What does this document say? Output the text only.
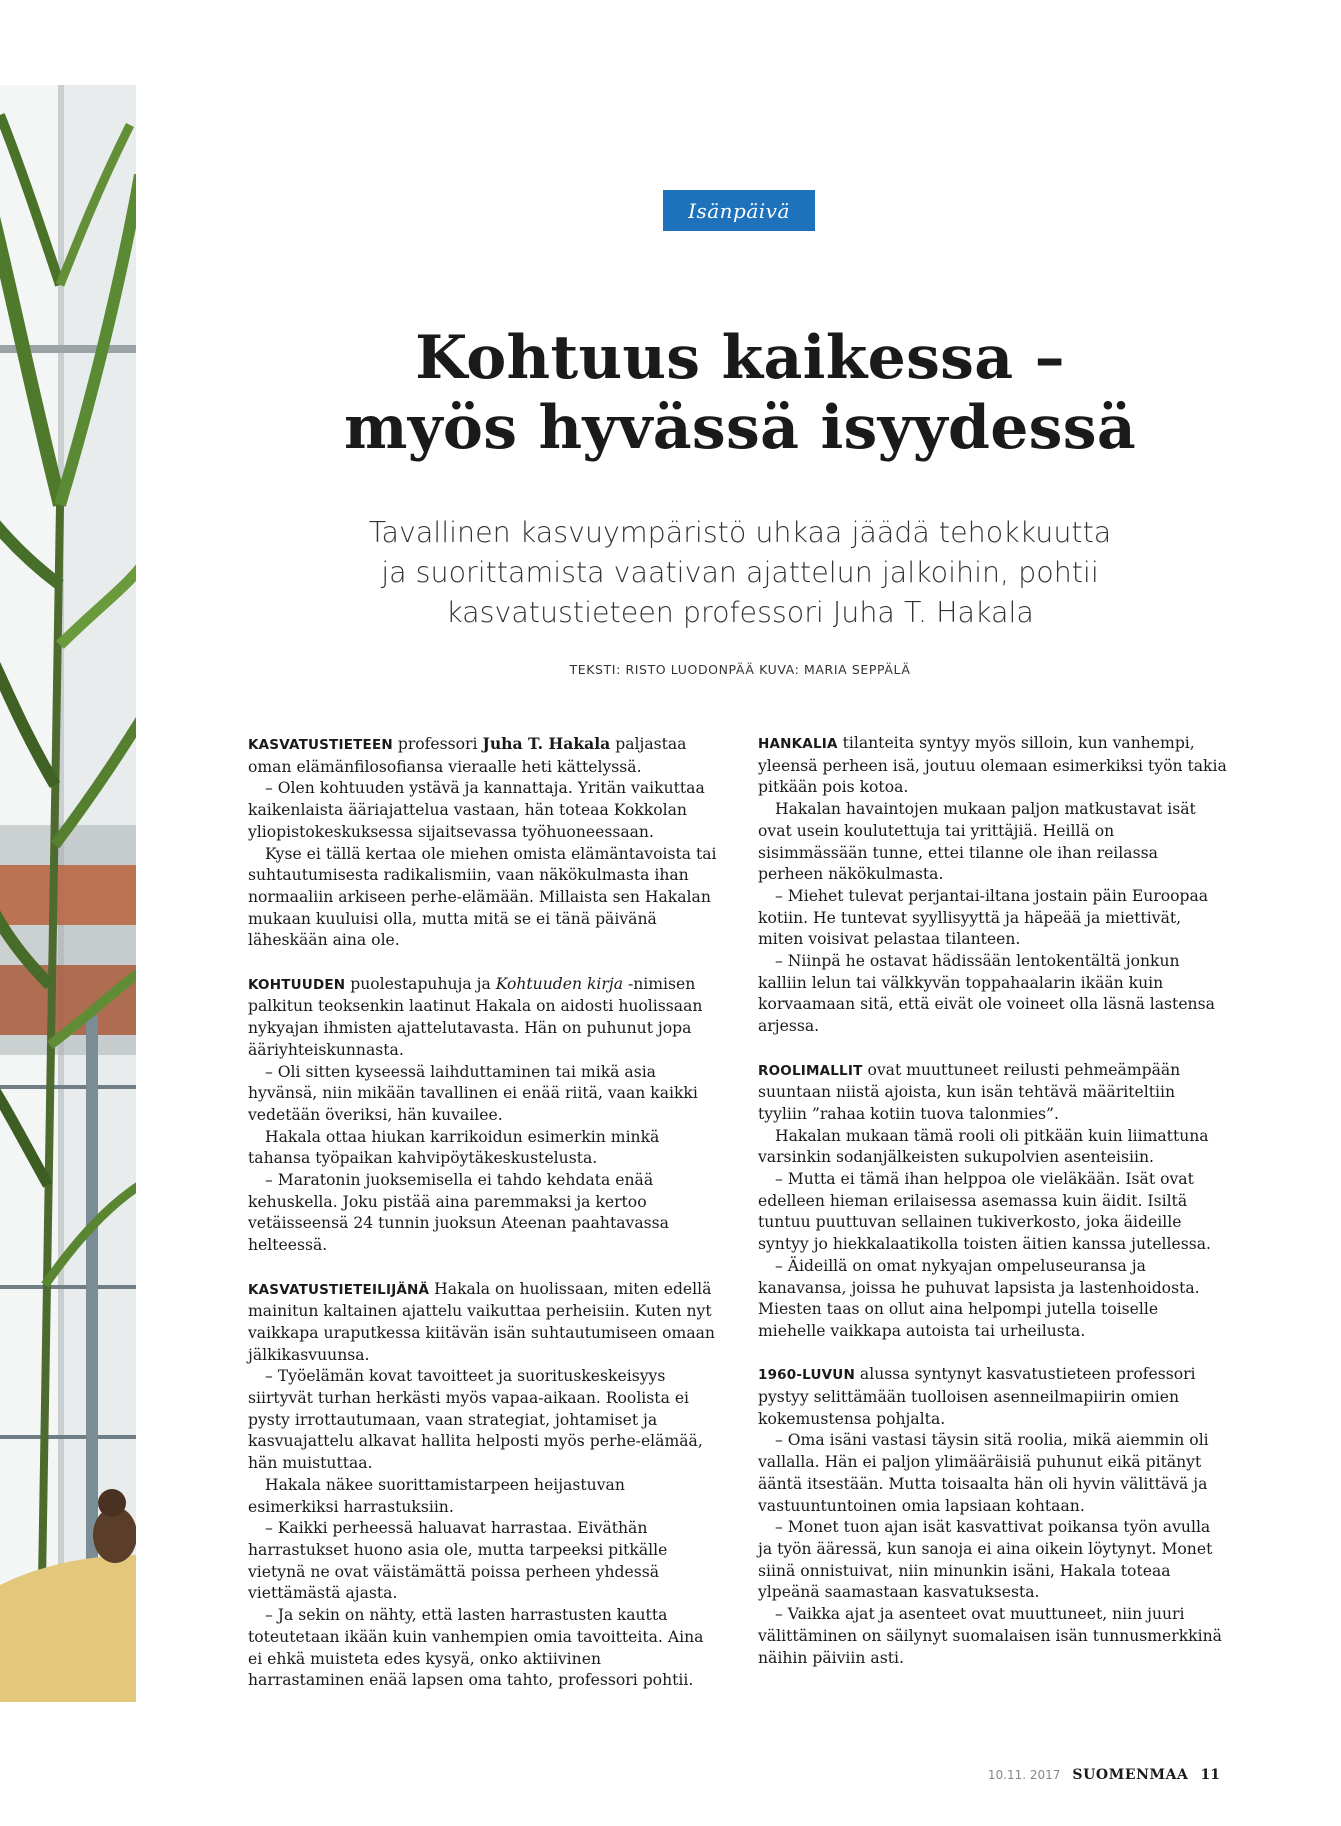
Isänpäivä
Kohtuus kaikessa –
myös hyvässä isyydessä

Tavallinen kasvuympäristö uhkaa jäädä tehokkuutta
ja suorittamista vaativan ajattelun jalkoihin, pohtii
kasvatustieteen professori Juha T. Hakala

TEKSTI: RISTO LUODONPÄÄ KUVA: MARIA SEPPÄLÄ

KASVATUSTIETEEN professori Juha T. Hakala paljastaa oman elämänfilosofiansa vieraalle heti kättelyssä.

– Olen kohtuuden ystävä ja kannattaja. Yritän vaikuttaa kaikenlaista ääriajattelua vastaan, hän toteaa Kokkolan yliopistokeskuksessa sijaitsevassa työhuoneessaan.

Kyse ei tällä kertaa ole miehen omista elämäntavoista tai suhtautumisesta radikalismiin, vaan näkökulmasta ihan normaaliin arkiseen perhe-elämään. Millaista sen Hakalan mukaan kuuluisi olla, mutta mitä se ei tänä päivänä läheskään aina ole.

KOHTUUDEN puolestapuhuja ja Kohtuuden kirja -nimisen palkitun teoksenkin laatinut Hakala on aidosti huolissaan nykyajan ihmisten ajattelutavasta. Hän on puhunut jopa ääriyhteiskunnasta.

– Oli sitten kyseessä laihduttaminen tai mikä asia hyvänsä, niin mikään tavallinen ei enää riitä, vaan kaikki vedetään överiksi, hän kuvailee.

Hakala ottaa hiukan karrikoidun esimerkin minkä tahansa työpaikan kahvipöytäkeskustelusta.

– Maratonin juoksemisella ei tahdo kehdata enää kehuskella. Joku pistää aina paremmaksi ja kertoo vetäisseensä 24 tunnin juoksun Ateenan paahtavassa helteessä.

KASVATUSTIETEILIJÄNÄ Hakala on huolissaan, miten edellä mainitun kaltainen ajattelu vaikuttaa perheisiin. Kuten nyt vaikkapa uraputkessa kiitävän isän suhtautumiseen omaan jälkikasvuunsa.

– Työelämän kovat tavoitteet ja suorituskeskeisyys siirtyvät turhan herkästi myös vapaa-aikaan. Roolista ei pysty irrottautumaan, vaan strategiat, johtamiset ja kasvuajattelu alkavat hallita helposti myös perhe-elämää, hän muistuttaa.

Hakala näkee suorittamistarpeen heijastuvan esimerkiksi harrastuksiin.

– Kaikki perheessä haluavat harrastaa. Eiväthän harrastukset huono asia ole, mutta tarpeeksi pitkälle vietynä ne ovat väistämättä poissa perheen yhdessä viettämästä ajasta.

– Ja sekin on nähty, että lasten harrastusten kautta toteutetaan ikään kuin vanhempien omia tavoitteita. Aina ei ehkä muisteta edes kysyä, onko aktiivinen harrastaminen enää lapsen oma tahto, professori pohtii.

HANKALIA tilanteita syntyy myös silloin, kun vanhempi, yleensä perheen isä, joutuu olemaan esimerkiksi työn takia pitkään pois kotoa.

Hakalan havaintojen mukaan paljon matkustavat isät ovat usein koulutettuja tai yrittäjiä. Heillä on sisimmässään tunne, ettei tilanne ole ihan reilassa perheen näkökulmasta.

– Miehet tulevat perjantai-iltana jostain päin Euroopaa kotiin. He tuntevat syyllisyyttä ja häpeää ja miettivät, miten voisivat pelastaa tilanteen.

– Niinpä he ostavat hädissään lentokentältä jonkun kalliin lelun tai välkkyvän toppahaalarin ikään kuin korvaamaan sitä, että eivät ole voineet olla läsnä lastensa arjessa.

ROOLIMALLIT ovat muuttuneet reilusti pehmeämpään suuntaan niistä ajoista, kun isän tehtävä määriteltiin tyyliin ”rahaa kotiin tuova talonmies”.

Hakalan mukaan tämä rooli oli pitkään kuin liimattuna varsinkin sodanjälkeisten sukupolvien asenteisiin.

– Mutta ei tämä ihan helppoa ole vieläkään. Isät ovat edelleen hieman erilaisessa asemassa kuin äidit. Isiltä tuntuu puuttuvan sellainen tukiverkosto, joka äideille syntyy jo hiekkalaatikolla toisten äitien kanssa jutellessa.

– Äideillä on omat nykyajan ompeluseuransa ja kanavansa, joissa he puhuvat lapsista ja lastenhoidosta. Miesten taas on ollut aina helpompi jutella toiselle miehelle vaikkapa autoista tai urheilusta.

1960-LUVUN alussa syntynyt kasvatustieteen professori pystyy selittämään tuolloisen asenneilmapiirin omien kokemustensa pohjalta.

– Oma isäni vastasi täysin sitä roolia, mikä aiemmin oli vallalla. Hän ei paljon ylimääräisiä puhunut eikä pitänyt ääntä itsestään. Mutta toisaalta hän oli hyvin välittävä ja vastuuntuntoinen omia lapsiaan kohtaan.

– Monet tuon ajan isät kasvattivat poikansa työn avulla ja työn ääressä, kun sanoja ei aina oikein löytynyt. Monet siinä onnistuivat, niin minunkin isäni, Hakala toteaa ylpeänä saamastaan kasvatuksesta.

– Vaikka ajat ja asenteet ovat muuttuneet, niin juuri välittäminen on säilynyt suomalaisen isän tunnusmerkkinä näihin päiviin asti.

10.11. 2017 SUOMENMAA 11
